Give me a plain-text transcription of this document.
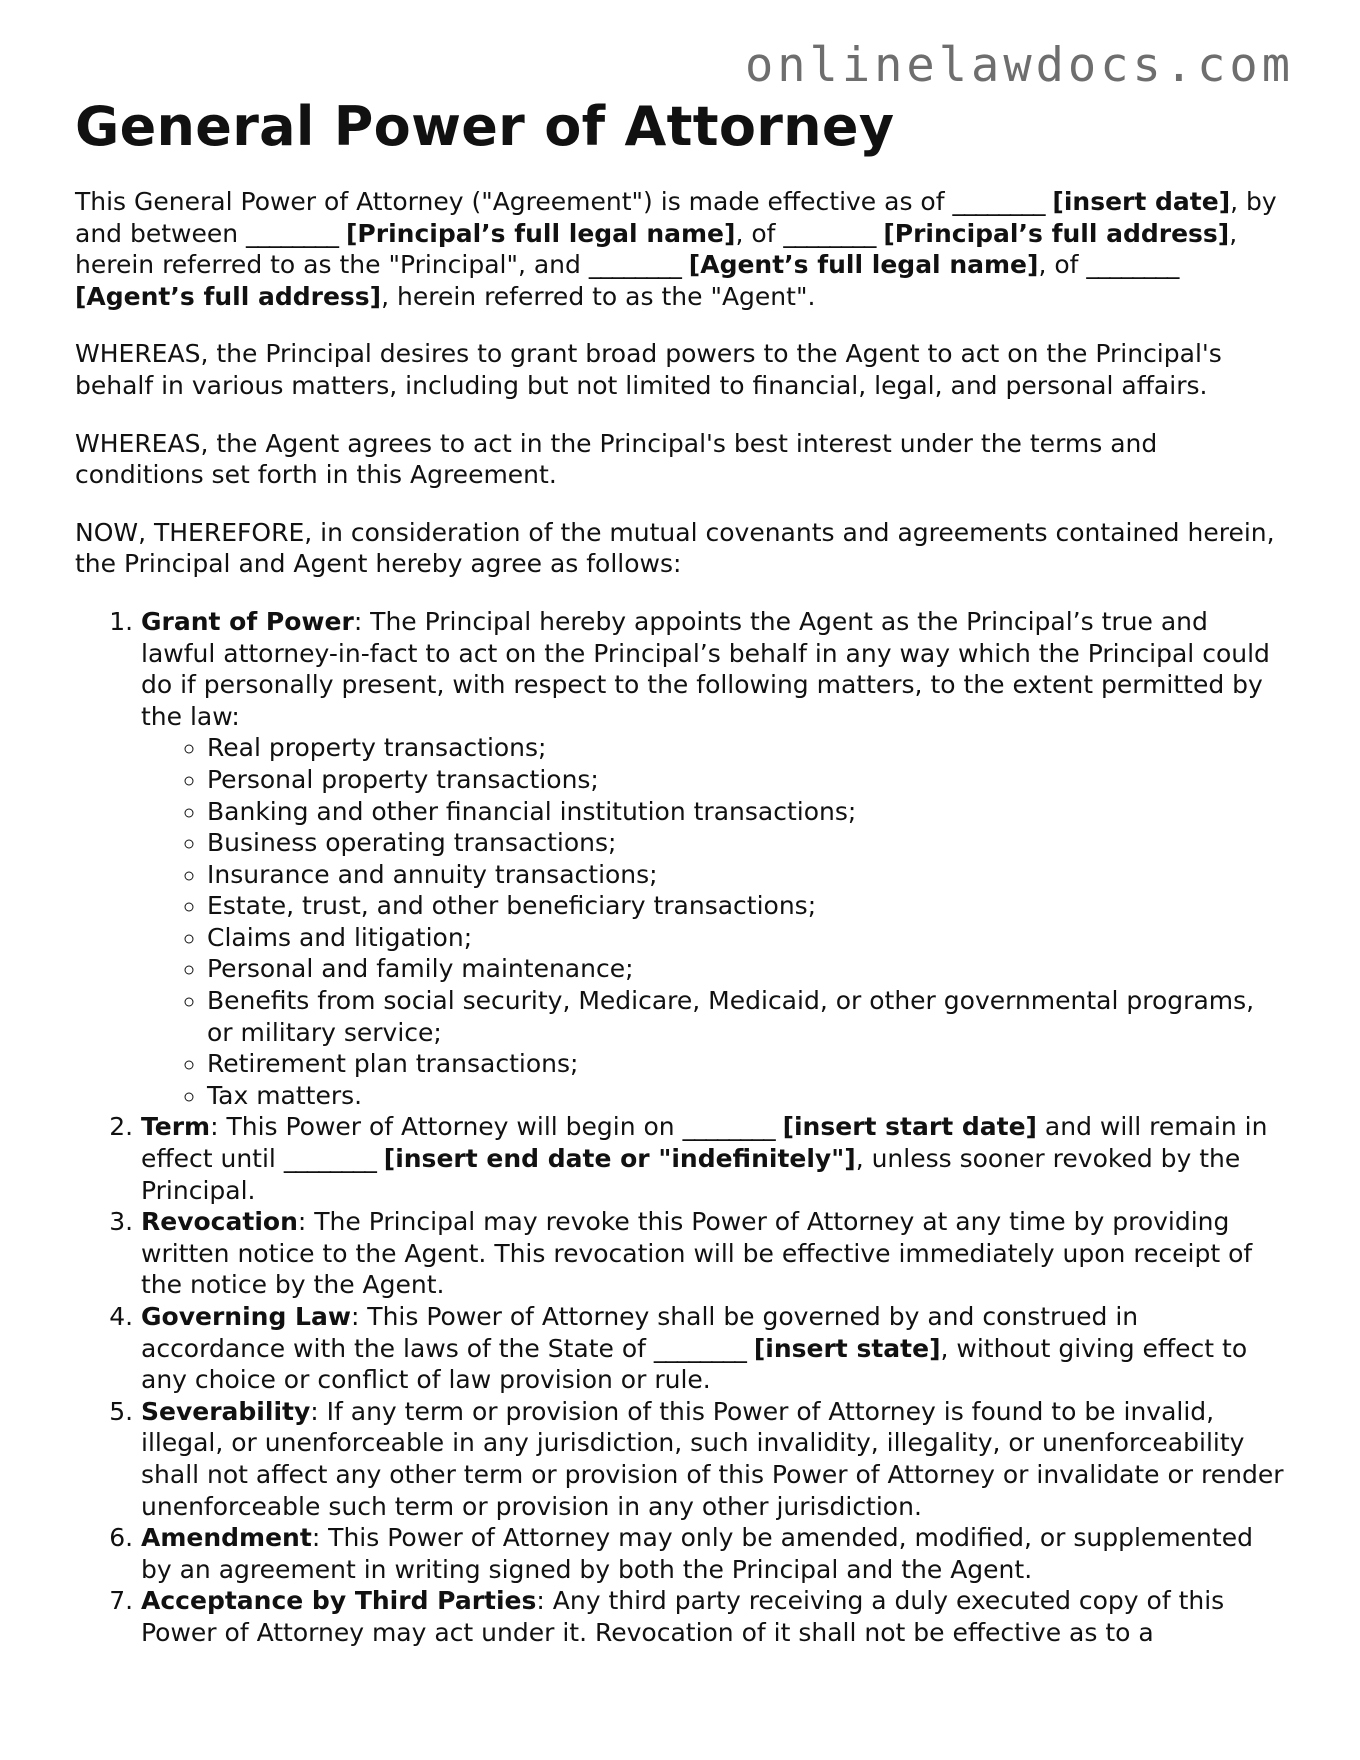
onlinelawdocs.com
General Power of Attorney

This General Power of Attorney ("Agreement") is made effective as of ________ [insert date], by and between ________ [Principal’s full legal name], of ________ [Principal’s full address], herein referred to as the "Principal", and ________ [Agent’s full legal name], of ________ [Agent’s full address], herein referred to as the "Agent".

WHEREAS, the Principal desires to grant broad powers to the Agent to act on the Principal's behalf in various matters, including but not limited to financial, legal, and personal affairs.

WHEREAS, the Agent agrees to act in the Principal's best interest under the terms and conditions set forth in this Agreement.

NOW, THEREFORE, in consideration of the mutual covenants and agreements contained herein, the Principal and Agent hereby agree as follows:

1. Grant of Power: The Principal hereby appoints the Agent as the Principal’s true and lawful attorney-in-fact to act on the Principal’s behalf in any way which the Principal could do if personally present, with respect to the following matters, to the extent permitted by the law:
◦ Real property transactions;
◦ Personal property transactions;
◦ Banking and other financial institution transactions;
◦ Business operating transactions;
◦ Insurance and annuity transactions;
◦ Estate, trust, and other beneficiary transactions;
◦ Claims and litigation;
◦ Personal and family maintenance;
◦ Benefits from social security, Medicare, Medicaid, or other governmental programs, or military service;
◦ Retirement plan transactions;
◦ Tax matters.
2. Term: This Power of Attorney will begin on ________ [insert start date] and will remain in effect until ________ [insert end date or "indefinitely"], unless sooner revoked by the Principal.
3. Revocation: The Principal may revoke this Power of Attorney at any time by providing written notice to the Agent. This revocation will be effective immediately upon receipt of the notice by the Agent.
4. Governing Law: This Power of Attorney shall be governed by and construed in accordance with the laws of the State of ________ [insert state], without giving effect to any choice or conflict of law provision or rule.
5. Severability: If any term or provision of this Power of Attorney is found to be invalid, illegal, or unenforceable in any jurisdiction, such invalidity, illegality, or unenforceability shall not affect any other term or provision of this Power of Attorney or invalidate or render unenforceable such term or provision in any other jurisdiction.
6. Amendment: This Power of Attorney may only be amended, modified, or supplemented by an agreement in writing signed by both the Principal and the Agent.
7. Acceptance by Third Parties: Any third party receiving a duly executed copy of this Power of Attorney may act under it. Revocation of it shall not be effective as to a
